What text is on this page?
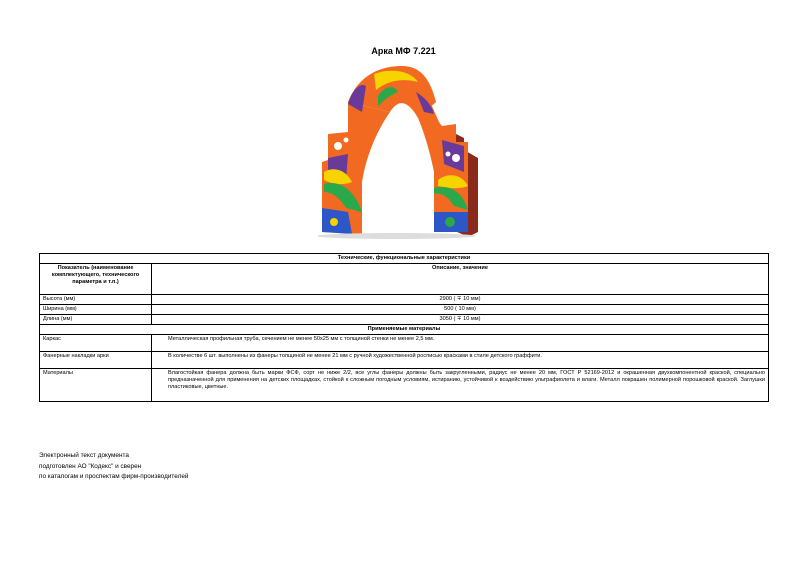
Арка МФ 7.221
Технические, функциональные характеристики	
Показатель (наименование комплектующего, технического параметра и т.п.)	Описание, значение
Высота (мм)	2900 ( ∓ 10 мм)
Ширина (мм)	500 ( 10 мм)
Длина (мм)	3050 ( ∓ 10 мм)
Применяемые материалы	
Каркас	Металлическая профильная труба, сечением не менее 50х25 мм с толщиной стенки не менее 2,5 мм.
Фанерные накладки арки	В количестве 6 шт. выполнены из фанеры толщиной не менее 21 мм с ручной художественной росписью красками в стиле детского граффити.
Материалы	Влагостойкая фанера должна быть марки ФСФ, сорт не ниже 2/2, все углы фанеры должны быть закругленными, радиус не менее 20 мм, ГОСТ Р 52169-2012 и окрашенная двухкомпонентной краской, специально предназначенной для применения на детских площадках, стойкой к сложным погодным условиям, истиранию, устойчивой к воздействию ультрафиолета и влаги. Металл покрашен полимерной порошковой краской. Заглушки пластиковые, цветные.
Электронный текст документа
подготовлен АО "Кодекс" и сверен
по каталогам и проспектам фирм-производителей
